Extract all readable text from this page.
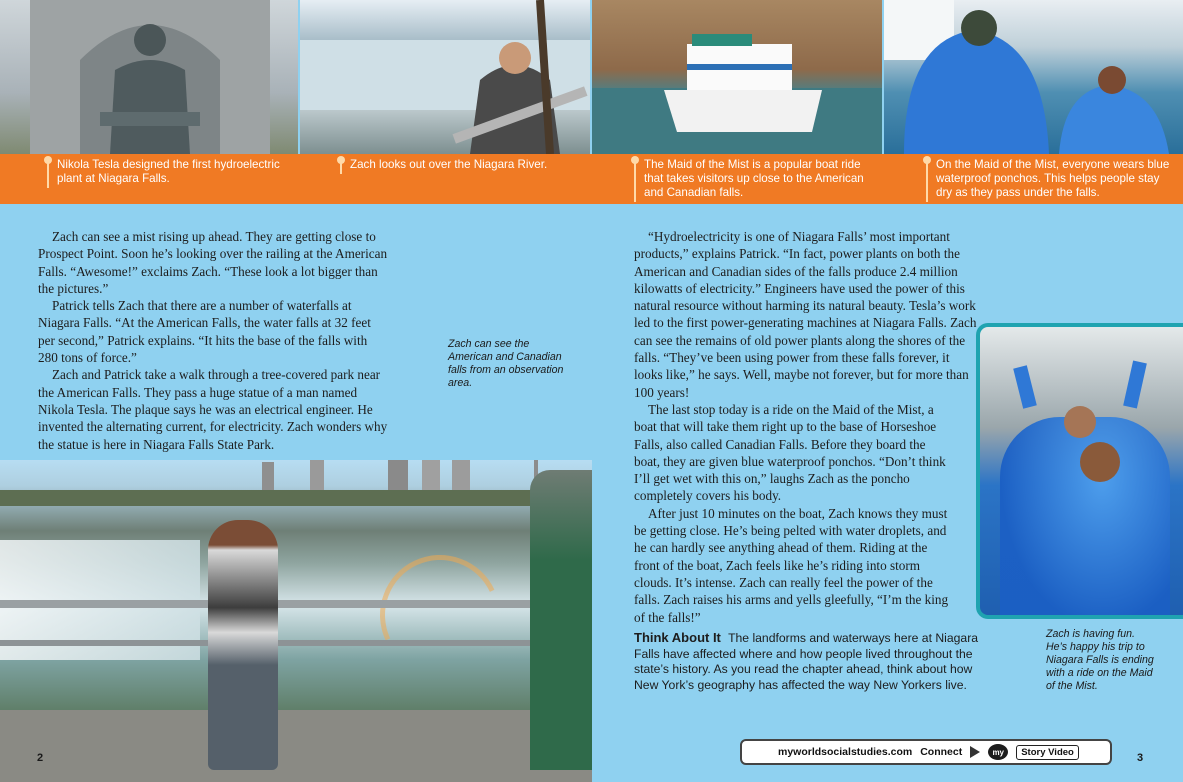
Nikola Tesla designed the first hydroelectric plant at Niagara Falls.
Zach looks out over the Niagara River.	The Maid of the Mist is a popular boat ride that takes visitors up close to the American and Canadian falls.
On the Maid of the Mist, everyone wears blue waterproof ponchos. This helps people stay dry as they pass under the falls.

Zach can see a mist rising up ahead. They are getting close to Prospect Point. Soon he’s looking over the railing at the American Falls. “Awesome!” exclaims Zach. “These look a lot bigger than the pictures.”

Patrick tells Zach that there are a number of waterfalls at Niagara Falls. “At the American Falls, the water falls at 32 feet per second,” Patrick explains. “It hits the base of the falls with 280 tons of force.”

Zach and Patrick take a walk through a tree-covered park near the American Falls. They pass a huge statue of a man named Nikola Tesla. The plaque says he was an electrical engineer. He invented the alternating current, for electricity. Zach wonders why the statue is here in Niagara Falls State Park.

Zach can see the American and Canadian falls from an observation area.

“Hydroelectricity is one of Niagara Falls’ most important products,” explains Patrick. “In fact, power plants on both the American and Canadian sides of the falls produce 2.4 million kilowatts of electricity.” Engineers have used the power of this natural resource without harming its natural beauty. Tesla’s work led to the first power-generating machines at Niagara Falls. Zach can see the remains of old power plants along the shores of the falls. “They’ve been using power from these falls forever, it looks like,” he says. Well, maybe not forever, but for more than 100 years!

The last stop today is a ride on the Maid of the Mist, a boat that will take them right up to the base of Horseshoe Falls, also called Canadian Falls. Before they board the boat, they are given blue waterproof ponchos. “Don’t think I’ll get wet with this on,” laughs Zach as the poncho completely covers his body.

After just 10 minutes on the boat, Zach knows they must be getting close. He’s being pelted with water droplets, and he can hardly see anything ahead of them. Riding at the front of the boat, Zach feels like he’s riding into storm clouds. It’s intense. Zach can really feel the power of the falls. Zach raises his arms and yells gleefully, “I’m the king of the falls!”

Zach is having fun. He’s happy his trip to Niagara Falls is ending with a ride on the Maid of the Mist.
Think About It The landforms and waterways here at Niagara Falls have affected where and how people lived throughout the state’s history. As you read the chapter ahead, think about how New York’s geography has affected the way New Yorkers live.
myworldsocialstudies.com Connect	my	Story Video
2	3
